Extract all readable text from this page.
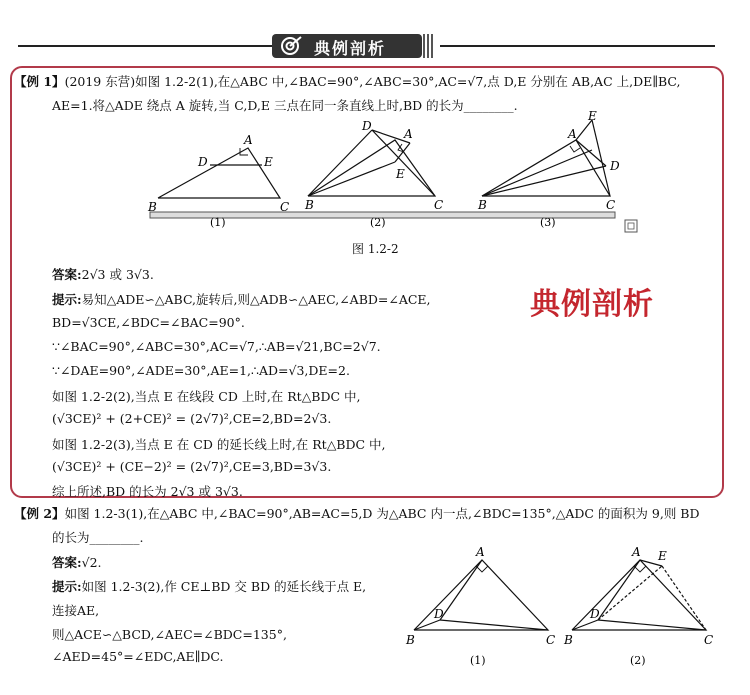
典例剖析
【例 1】(2019 东营)如图 1.2-2(1),在△ABC 中,∠BAC=90°,∠ABC=30°,AC=√7,点 D,E 分别在 AB,AC 上,DE∥BC,
AE=1.将△ADE 绕点 A 旋转,当 C,D,E 三点在同一条直线上时,BD 的长为________.
A
B	C
D	E
D
A
E
B	C
A
E
D
B	C
(1)	(2)	(3)
图 1.2-2
答案:2√3 或 3√3.
提示:易知△ADE∽△ABC,旋转后,则△ADB∽△AEC,∠ABD=∠ACE,
BD=√3CE,∠BDC=∠BAC=90°.
∵∠BAC=90°,∠ABC=30°,AC=√7,∴AB=√21,BC=2√7.
∵∠DAE=90°,∠ADE=30°,AE=1,∴AD=√3,DE=2.
如图 1.2-2(2),当点 E 在线段 CD 上时,在 Rt△BDC 中,
(√3CE)² + (2+CE)² = (2√7)²,CE=2,BD=2√3.
如图 1.2-2(3),当点 E 在 CD 的延长线上时,在 Rt△BDC 中,
(√3CE)² + (CE−2)² = (2√7)²,CE=3,BD=3√3.
综上所述,BD 的长为 2√3 或 3√3.
典例剖析
【例 2】如图 1.2-3(1),在△ABC 中,∠BAC=90°,AB=AC=5,D 为△ABC 内一点,∠BDC=135°,△ADC 的面积为 9,则 BD
的长为________.
答案:√2.
提示:如图 1.2-3(2),作 CE⊥BD 交 BD 的延长线于点 E,
连接AE,
则△ACE∽△BCD,∠AEC=∠BDC=135°,
∠AED=45°=∠EDC,AE∥DC.
A
B	C
D
A E
B	C
D
(1)	(2)
